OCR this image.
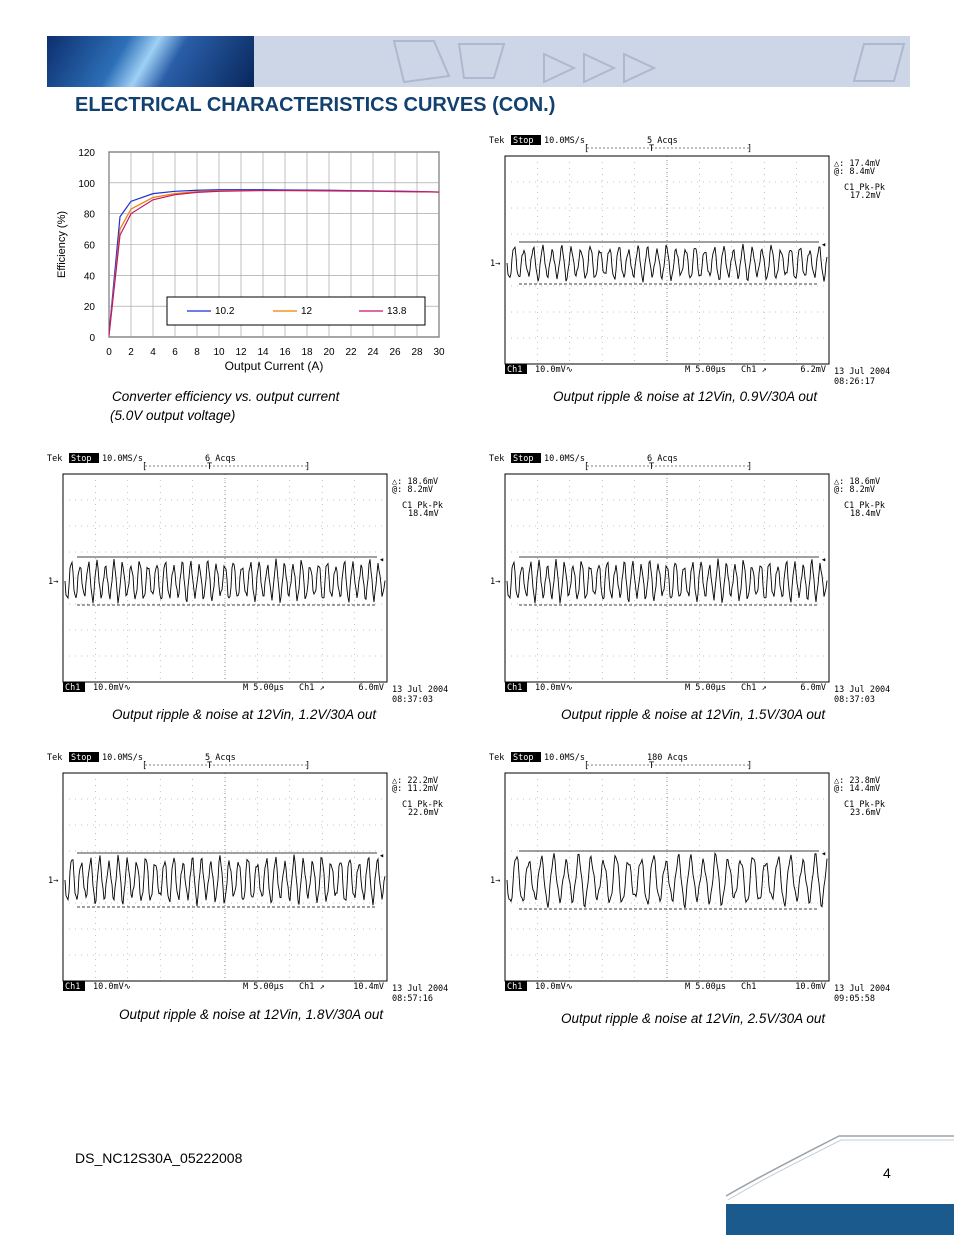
ELECTRICAL CHARACTERISTICS CURVES (CON.)
0 2 4 6 8 10 12 14 16 18 20 22 24 26 28 30
0
20
40
60
80
100
120
Output Current (A)
Efficiency (%)
10.2	12	13.8
Converter efficiency vs. output current
(5.0V output voltage)
Tek Stop 10.0MS/s	5 Acqs
[	]
T
◂
1→
△: 17.4mV
@: 8.4mV
C1 Pk-Pk
17.2mV
Ch1 10.0mV∿	M 5.00µs Ch1 ↗	6.2mV 13 Jul 2004
08:26:17
Output ripple & noise at 12Vin, 0.9V/30A out
Tek Stop 10.0MS/s	6 Acqs
[	]
T
◂
1→
△: 18.6mV
@: 8.2mV
C1 Pk-Pk
18.4mV
Ch1 10.0mV∿	M 5.00µs Ch1 ↗	6.0mV 13 Jul 2004
08:37:03
Output ripple & noise at 12Vin, 1.2V/30A out
Tek Stop 10.0MS/s	6 Acqs
[	]
T
◂
1→
△: 18.6mV
@: 8.2mV
C1 Pk-Pk
18.4mV
Ch1 10.0mV∿	M 5.00µs Ch1 ↗	6.0mV 13 Jul 2004
08:37:03
Output ripple & noise at 12Vin, 1.5V/30A out
Tek Stop 10.0MS/s	5 Acqs
[	]
T
◂
1→
△: 22.2mV
@: 11.2mV
C1 Pk-Pk
22.0mV
Ch1 10.0mV∿	M 5.00µs Ch1 ↗	10.4mV 13 Jul 2004
08:57:16
Output ripple & noise at 12Vin, 1.8V/30A out
Tek Stop 10.0MS/s	180 Acqs
[	]
T
◂
1→
△: 23.8mV
@: 14.4mV
C1 Pk-Pk
23.6mV
Ch1 10.0mV∿	M 5.00µs Ch1	10.0mV 13 Jul 2004
09:05:58
Output ripple & noise at 12Vin, 2.5V/30A out
DS_NC12S30A_05222008
4
